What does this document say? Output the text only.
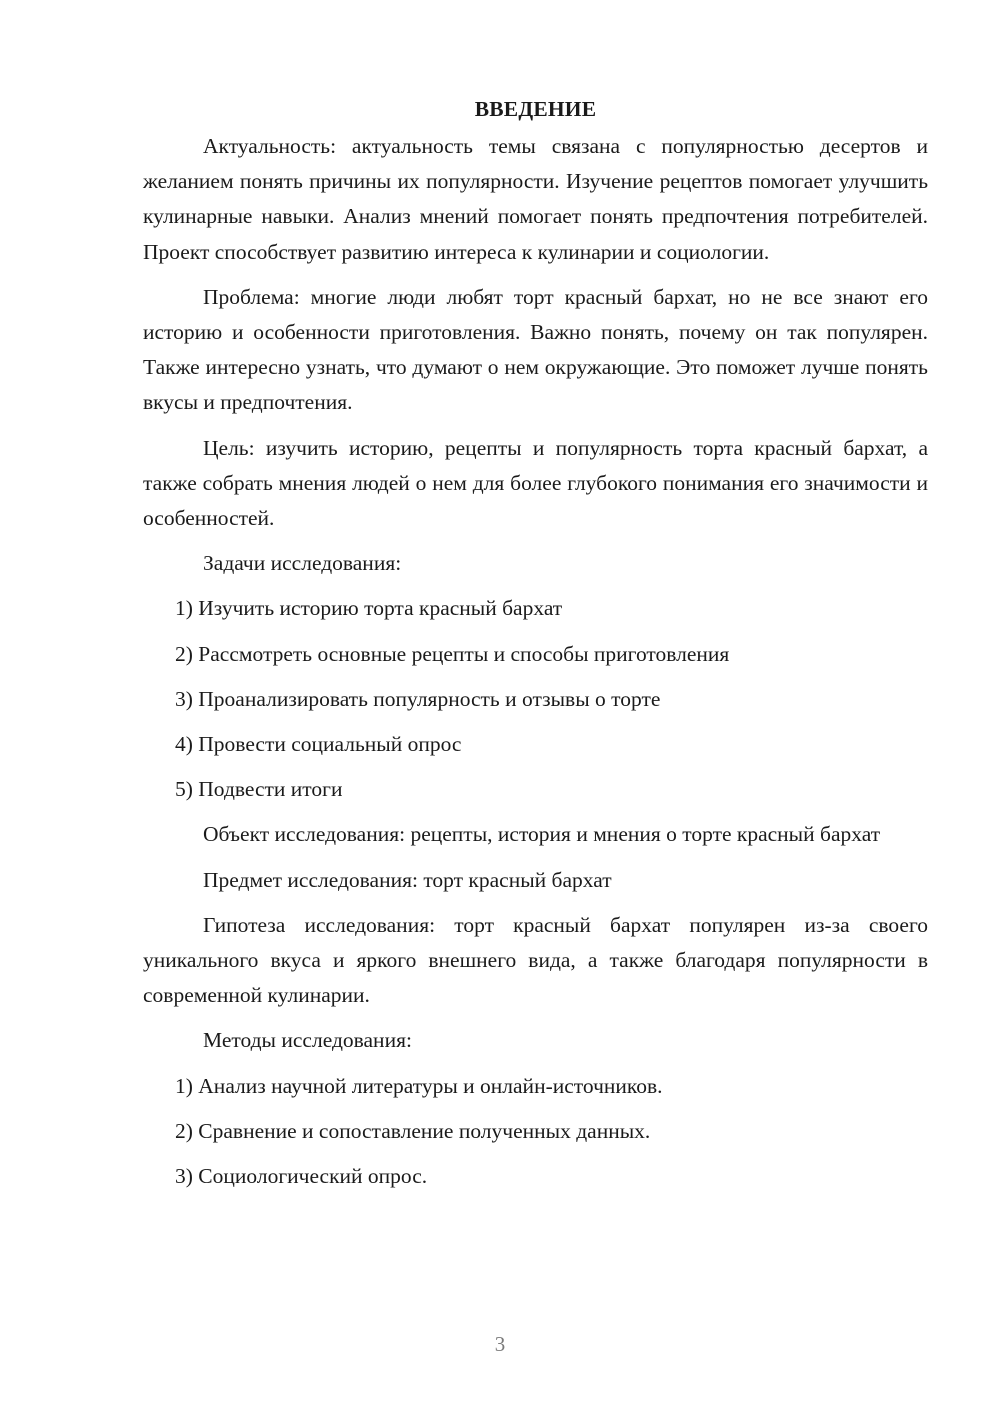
ВВЕДЕНИЕ

Актуальность: актуальность темы связана с популярностью десертов и желанием понять причины их популярности. Изучение рецептов помогает улучшить кулинарные навыки. Анализ мнений помогает понять предпочтения потребителей. Проект способствует развитию интереса к кулинарии и социологии.

Проблема: многие люди любят торт красный бархат, но не все знают его историю и особенности приготовления. Важно понять, почему он так популярен. Также интересно узнать, что думают о нем окружающие. Это поможет лучше понять вкусы и предпочтения.

Цель: изучить историю, рецепты и популярность торта красный бархат, а также собрать мнения людей о нем для более глубокого понимания его значимости и особенностей.

Задачи исследования:

1) Изучить историю торта красный бархат

2) Рассмотреть основные рецепты и способы приготовления

3) Проанализировать популярность и отзывы о торте

4) Провести социальный опрос

5) Подвести итоги

Объект исследования: рецепты, история и мнения о торте красный бархат

Предмет исследования: торт красный бархат

Гипотеза исследования: торт красный бархат популярен из-за своего уникального вкуса и яркого внешнего вида, а также благодаря популярности в современной кулинарии.

Методы исследования:

1) Анализ научной литературы и онлайн-источников.

2) Сравнение и сопоставление полученных данных.

3) Социологический опрос.

3
